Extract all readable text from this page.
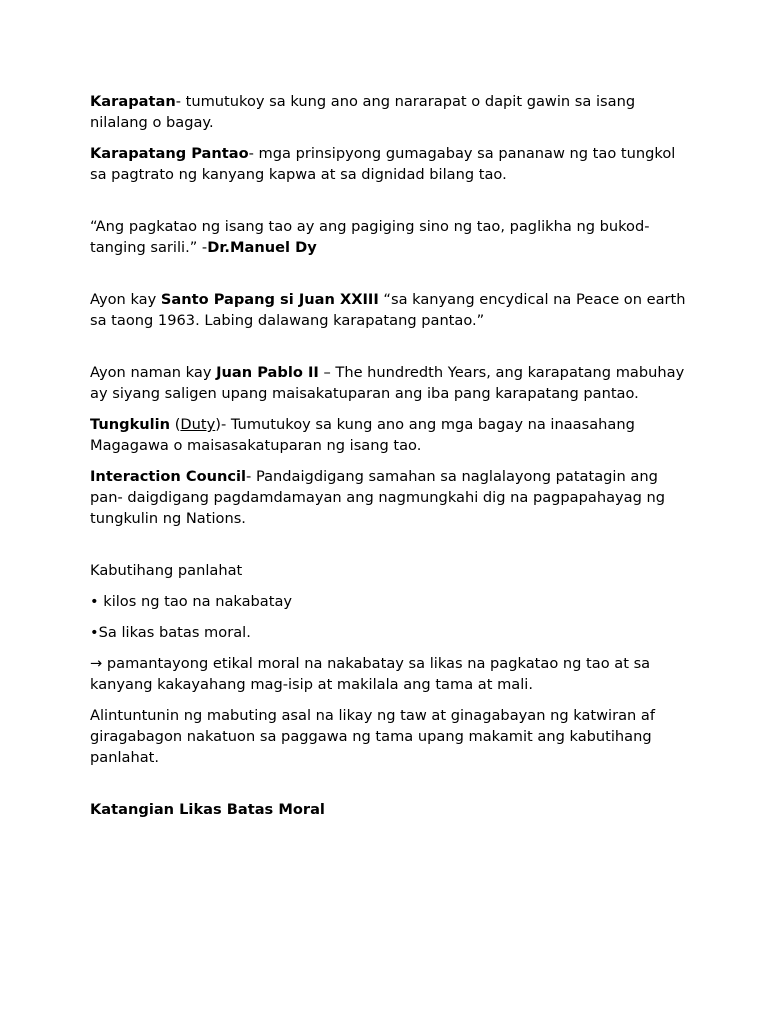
Karapatan- tumutukoy sa kung ano ang nararapat o dapit gawin sa isang nilalang o bagay.

Karapatang Pantao- mga prinsipyong gumagabay sa pananaw ng tao tungkol sa pagtrato ng kanyang kapwa at sa dignidad bilang tao.

“Ang pagkatao ng isang tao ay ang pagiging sino ng tao, paglikha ng bukod-tanging sarili.” -Dr.Manuel Dy

Ayon kay Santo Papang si Juan XXIII “sa kanyang encydical na Peace on earth sa taong 1963. Labing dalawang karapatang pantao.”

Ayon naman kay Juan Pablo II – The hundredth Years, ang karapatang mabuhay ay siyang saligen upang maisakatuparan ang iba pang karapatang pantao.

Tungkulin (Duty)- Tumutukoy sa kung ano ang mga bagay na inaasahang Magagawa o maisasakatuparan ng isang tao.

Interaction Council- Pandaigdigang samahan sa naglalayong patatagin ang pan- daigdigang pagdamdamayan ang nagmungkahi dig na pagpapahayag ng tungkulin ng Nations.

Kabutihang panlahat

• kilos ng tao na nakabatay

•Sa likas batas moral.

→ pamantayong etikal moral na nakabatay sa likas na pagkatao ng tao at sa kanyang kakayahang mag-isip at makilala ang tama at mali.

Alintuntunin ng mabuting asal na likay ng taw at ginagabayan ng katwiran af giragabagon nakatuon sa paggawa ng tama upang makamit ang kabutihang panlahat.

Katangian Likas Batas Moral
